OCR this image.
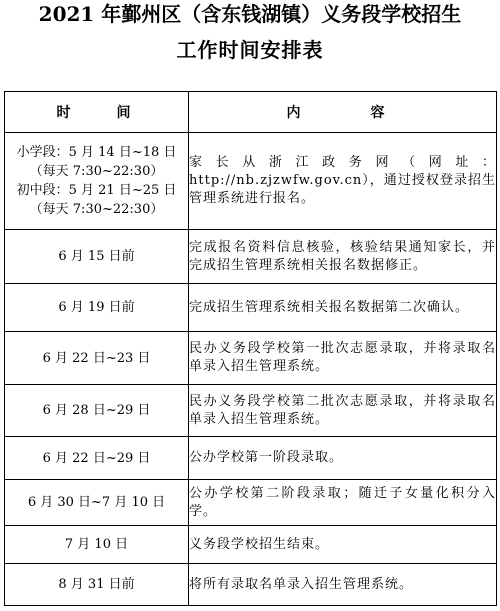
2021 年鄞州区（含东钱湖镇）义务段学校招生
工作时间安排表
时　　间	内　　容

小学段：5 月 14 日~18 日
（每天 7:30~22:30）
初中段：5 月 21 日~25 日
（每天 7:30~22:30）	家长从浙江政务网（网址：http://nb.zjzwfw.gov.cn），通过授权登录招生管理系统进行报名。

6 月 15 日前	完成报名资料信息核验，核验结果通知家长，并完成招生管理系统相关报名数据修正。

6 月 19 日前	完成招生管理系统相关报名数据第二次确认。

6 月 22 日~23 日	民办义务段学校第一批次志愿录取，并将录取名单录入招生管理系统。

6 月 28 日~29 日	民办义务段学校第二批次志愿录取，并将录取名单录入招生管理系统。

6 月 22 日~29 日	公办学校第一阶段录取。

6 月 30 日~7 月 10 日	公办学校第二阶段录取；随迁子女量化积分入学。

7 月 10 日	义务段学校招生结束。

8 月 31 日前	将所有录取名单录入招生管理系统。
